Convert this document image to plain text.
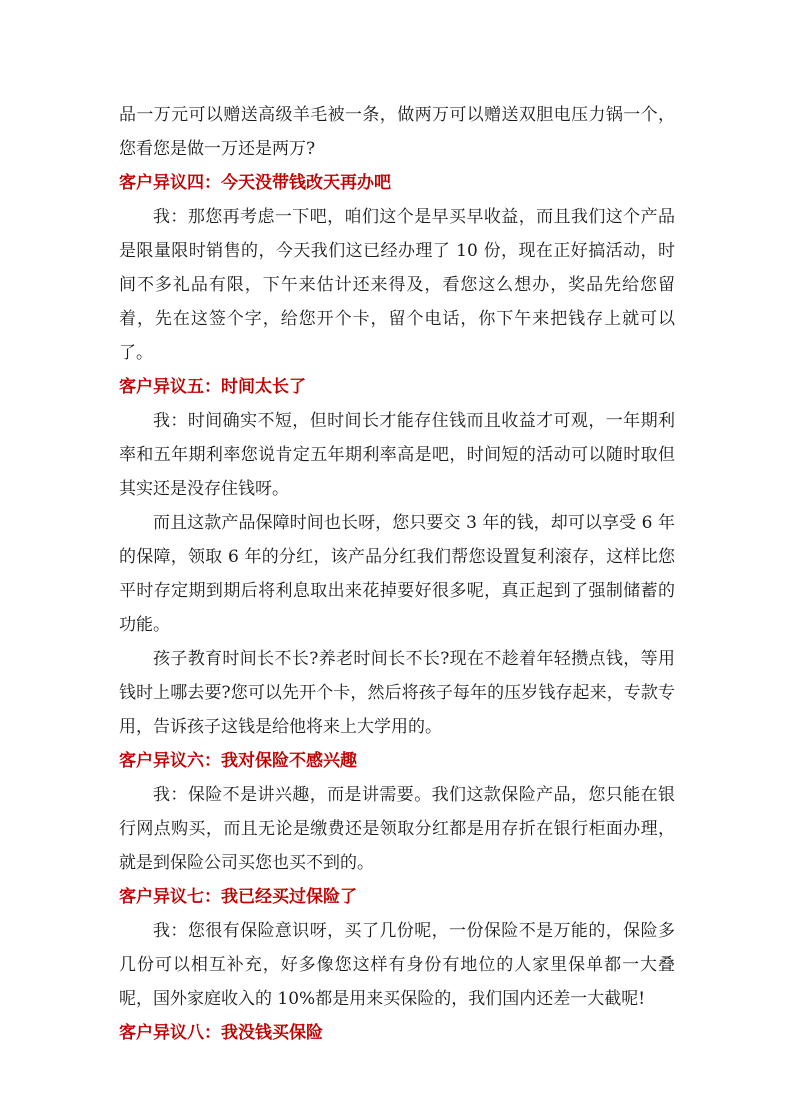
品一万元可以赠送高级羊毛被一条，做两万可以赠送双胆电压力锅一个，您看您是做一万还是两万?

客户异议四：今天没带钱改天再办吧

我：那您再考虑一下吧，咱们这个是早买早收益，而且我们这个产品是限量限时销售的，今天我们这已经办理了 10 份，现在正好搞活动，时间不多礼品有限，下午来估计还来得及，看您这么想办，奖品先给您留着，先在这签个字，给您开个卡，留个电话，你下午来把钱存上就可以了。

客户异议五：时间太长了

我：时间确实不短，但时间长才能存住钱而且收益才可观，一年期利率和五年期利率您说肯定五年期利率高是吧，时间短的活动可以随时取但其实还是没存住钱呀。

而且这款产品保障时间也长呀，您只要交 3 年的钱，却可以享受 6 年的保障，领取 6 年的分红，该产品分红我们帮您设置复利滚存，这样比您平时存定期到期后将利息取出来花掉要好很多呢，真正起到了强制储蓄的功能。

孩子教育时间长不长?养老时间长不长?现在不趁着年轻攒点钱，等用钱时上哪去要?您可以先开个卡，然后将孩子每年的压岁钱存起来，专款专用，告诉孩子这钱是给他将来上大学用的。

客户异议六：我对保险不感兴趣

我：保险不是讲兴趣，而是讲需要。我们这款保险产品，您只能在银行网点购买，而且无论是缴费还是领取分红都是用存折在银行柜面办理，就是到保险公司买您也买不到的。

客户异议七：我已经买过保险了

我：您很有保险意识呀，买了几份呢，一份保险不是万能的，保险多几份可以相互补充，好多像您这样有身份有地位的人家里保单都一大叠呢，国外家庭收入的 10%都是用来买保险的，我们国内还差一大截呢!

客户异议八：我没钱买保险
